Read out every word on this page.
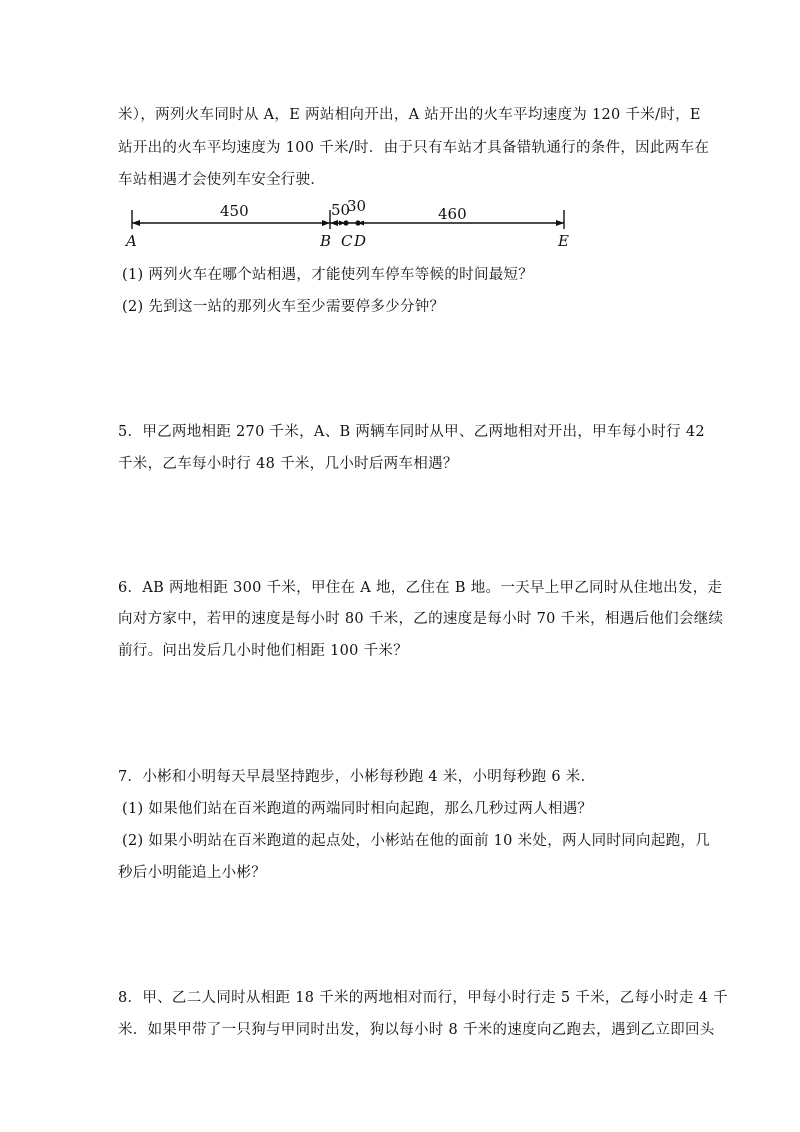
米），两列火车同时从 A，E 两站相向开出，A 站开出的火车平均速度为 120 千米/时，E
站开出的火车平均速度为 100 千米/时．由于只有车站才具备错轨通行的条件，因此两车在
车站相遇才会使列车安全行驶．
450	50
30	460
A	B C D	E
(1) 两列火车在哪个站相遇，才能使列车停车等候的时间最短？
(2) 先到这一站的那列火车至少需要停多少分钟？
5．甲乙两地相距 270 千米，A、B 两辆车同时从甲、乙两地相对开出，甲车每小时行 42
千米，乙车每小时行 48 千米，几小时后两车相遇？
6．AB 两地相距 300 千米，甲住在 A 地，乙住在 B 地。一天早上甲乙同时从住地出发，走
向对方家中，若甲的速度是每小时 80 千米，乙的速度是每小时 70 千米，相遇后他们会继续
前行。问出发后几小时他们相距 100 千米？
7．小彬和小明每天早晨坚持跑步，小彬每秒跑 4 米，小明每秒跑 6 米．
(1) 如果他们站在百米跑道的两端同时相向起跑，那么几秒过两人相遇？
(2) 如果小明站在百米跑道的起点处，小彬站在他的面前 10 米处，两人同时同向起跑，几
秒后小明能追上小彬？
8．甲、乙二人同时从相距 18 千米的两地相对而行，甲每小时行走 5 千米，乙每小时走 4 千
米．如果甲带了一只狗与甲同时出发，狗以每小时 8 千米的速度向乙跑去，遇到乙立即回头
